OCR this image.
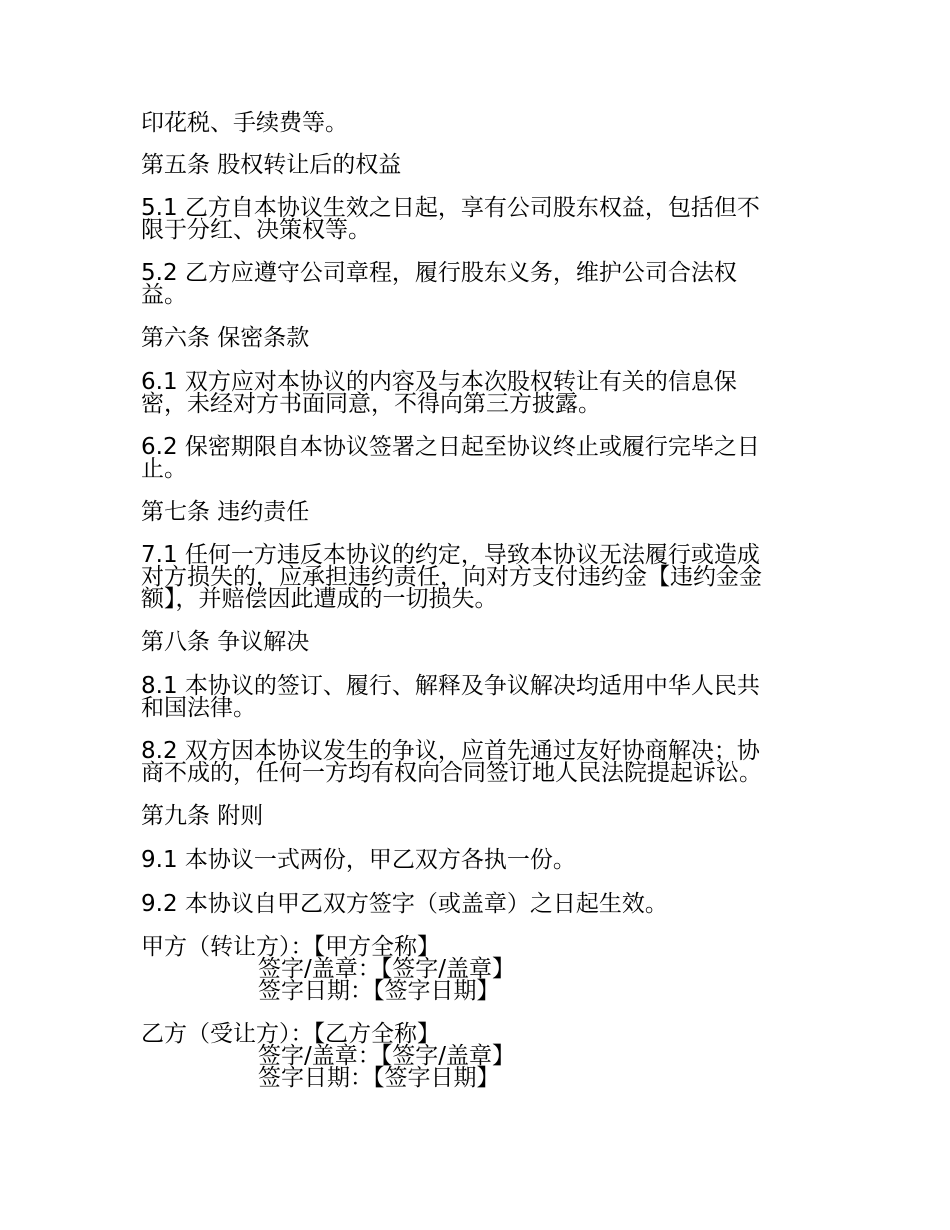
印花税、手续费等。
第五条 股权转让后的权益
5.1 乙方自本协议生效之日起，享有公司股东权益，包括但不
限于分红、决策权等。
5.2 乙方应遵守公司章程，履行股东义务，维护公司合法权
益。
第六条 保密条款
6.1 双方应对本协议的内容及与本次股权转让有关的信息保
密，未经对方书面同意，不得向第三方披露。
6.2 保密期限自本协议签署之日起至协议终止或履行完毕之日
止。
第七条 违约责任
7.1 任何一方违反本协议的约定，导致本协议无法履行或造成
对方损失的，应承担违约责任，向对方支付违约金【违约金金
额】，并赔偿因此遭成的一切损失。
第八条 争议解决
8.1 本协议的签订、履行、解释及争议解决均适用中华人民共
和国法律。
8.2 双方因本协议发生的争议，应首先通过友好协商解决；协
商不成的，任何一方均有权向合同签订地人民法院提起诉讼。
第九条 附则
9.1 本协议一式两份，甲乙双方各执一份。
9.2 本协议自甲乙双方签字（或盖章）之日起生效。
甲方（转让方）：【甲方全称】
签字/盖章：【签字/盖章】
签字日期：【签字日期】
乙方（受让方）：【乙方全称】
签字/盖章：【签字/盖章】
签字日期：【签字日期】
